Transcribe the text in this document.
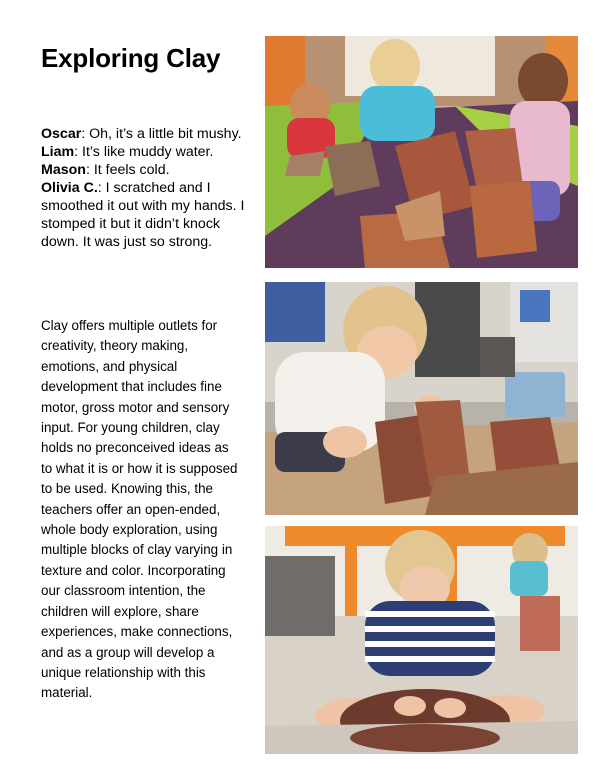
Exploring Clay

Oscar: Oh, it’s a little bit mushy.

Liam: It’s like muddy water.

Mason: It feels cold.

Olivia C.: I scratched and I smoothed it out with my hands. I stomped it but it didn’t knock down. It was just so strong.

Clay offers multiple outlets for creativity, theory making, emotions, and physical development that includes fine motor, gross motor and sensory input. For young children, clay holds no preconceived ideas as to what it is or how it is supposed to be used. Knowing this, the teachers offer an open-ended, whole body exploration, using multiple blocks of clay varying in texture and color. Incorporating our classroom intention, the children will explore, share experiences, make connections, and as a group will develop a unique relationship with this material.
